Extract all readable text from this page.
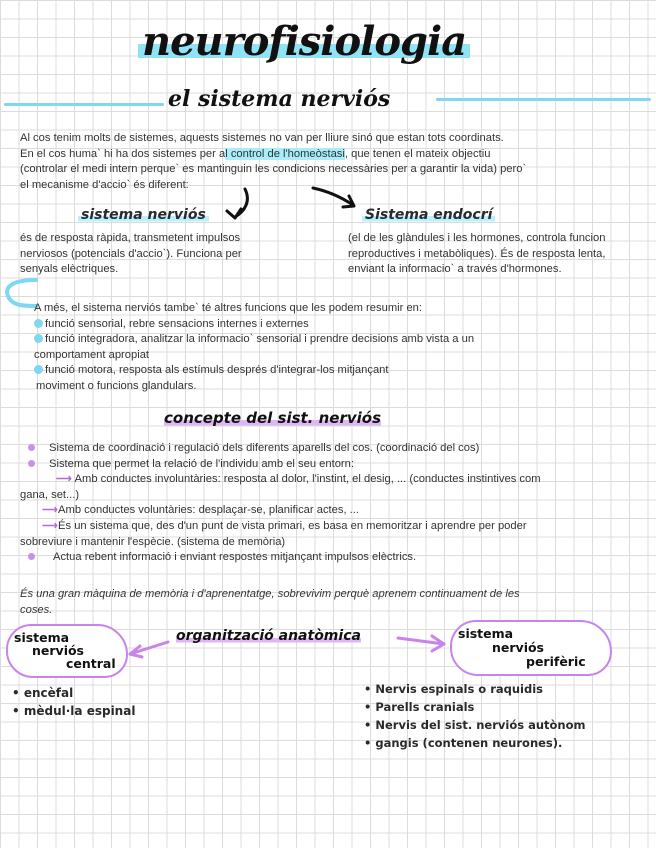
neurofisiologia
el sistema nerviós
Al cos tenim molts de sistemes, aquests sistemes no van per lliure sinó que estan tots coordinats.
En el cos huma` hi ha dos sistemes per al control de l'homeòstasi, que tenen el mateix objectiu
(controlar el medi intern perque` es mantinguin les condicions necessàries per a garantir la vida) pero`
el mecanisme d'accio` és diferent:
sistema nerviós	Sistema endocrí
és de resposta ràpida, transmetent impulsos
nerviosos (potencials d'accio`). Funciona per
senyals elèctriques.
(el de les glàndules i les hormones, controla funcion
reproductives i metabòliques). És de resposta lenta,
enviant la informacio` a través d'hormones.
A més, el sistema nerviós tambe` té altres funcions que les podem resumir en:
funció sensorial, rebre sensacions internes i externes
funció integradora, analitzar la informacio` sensorial i prendre decisions amb vista a un
comportament apropiat
funció motora, resposta als estímuls després d'integrar-los mitjançant
moviment o funcions glandulars.
concepte del sist. nerviós
Sistema de coordinació i regulació dels diferents aparells del cos. (coordinació del cos)
Sistema que permet la relació de l'individu amb el seu entorn:
⟶ Amb conductes involuntàries: resposta al dolor, l'instint, el desig, ... (conductes instintives com
gana, set...)
⟶Amb conductes voluntàries: desplaçar-se, planificar actes, ...
⟶És un sistema que, des d'un punt de vista primari, es basa en memoritzar i aprendre per poder
sobreviure i mantenir l'espècie. (sistema de memòria)
Actua rebent informació i enviant respostes mitjançant impulsos elèctrics.
És una gran màquina de memòria i d'aprenentatge, sobrevivim perquè aprenem continuament de les
coses.
sistema
nerviós
central
organització anatòmica	sistema
nerviós
perifèric
• encèfal
• mèdul·la espinal
• Nervis espinals o raquidis
• Parells cranials
• Nervis del sist. nerviós autònom
• gangis (contenen neurones).
